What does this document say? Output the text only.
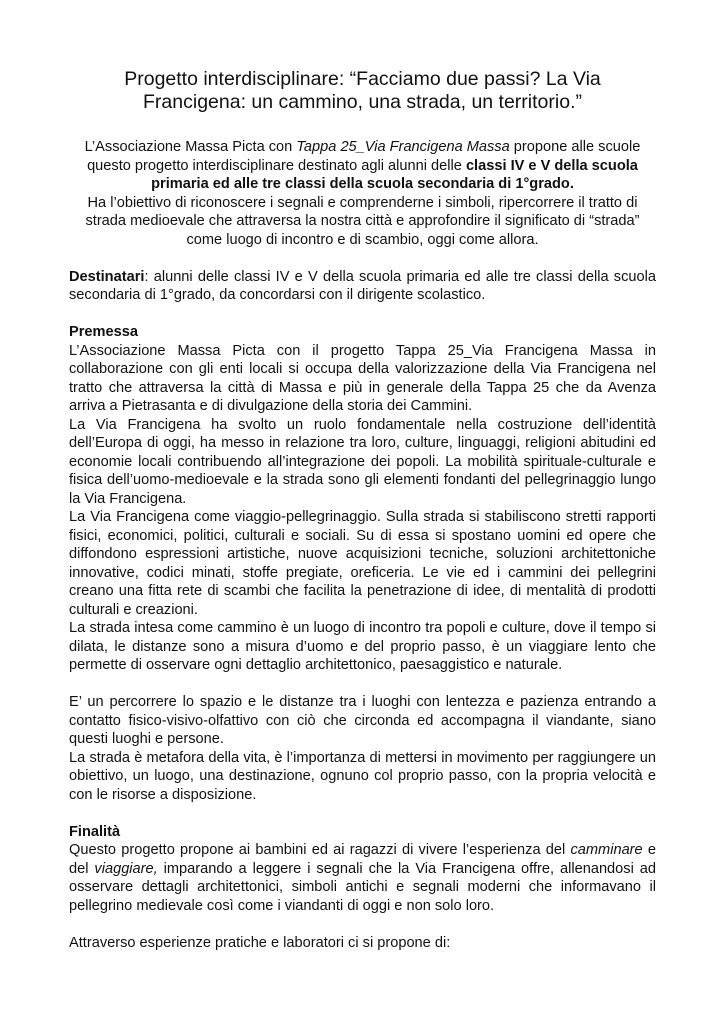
Progetto interdisciplinare: “Facciamo due passi? La Via
Francigena: un cammino, una strada, un territorio.”
L’Associazione Massa Picta con Tappa 25_Via Francigena Massa propone alle scuole questo progetto interdisciplinare destinato agli alunni delle classi IV e V della scuola primaria ed alle tre classi della scuola secondaria di 1°grado.
Ha l’obiettivo di riconoscere i segnali e comprenderne i simboli, ripercorrere il tratto di strada medioevale che attraversa la nostra città e approfondire il significato di “strada” come luogo di incontro e di scambio, oggi come allora.

Destinatari: alunni delle classi IV e V della scuola primaria ed alle tre classi della scuola secondaria di 1°grado, da concordarsi con il dirigente scolastico.

Premessa

L’Associazione Massa Picta con il progetto Tappa 25_Via Francigena Massa in collaborazione con gli enti locali si occupa della valorizzazione della Via Francigena nel tratto che attraversa la città di Massa e più in generale della Tappa 25 che da Avenza arriva a Pietrasanta e di divulgazione della storia dei Cammini.

La Via Francigena ha svolto un ruolo fondamentale nella costruzione dell’identità dell’Europa di oggi, ha messo in relazione tra loro, culture, linguaggi, religioni abitudini ed economie locali contribuendo all’integrazione dei popoli. La mobilità spirituale-culturale e fisica dell’uomo-medioevale e la strada sono gli elementi fondanti del pellegrinaggio lungo la Via Francigena.

La Via Francigena come viaggio-pellegrinaggio. Sulla strada si stabiliscono stretti rapporti fisici, economici, politici, culturali e sociali. Su di essa si spostano uomini ed opere che diffondono espressioni artistiche, nuove acquisizioni tecniche, soluzioni architettoniche innovative, codici minati, stoffe pregiate, oreficeria. Le vie ed i cammini dei pellegrini creano una fitta rete di scambi che facilita la penetrazione di idee, di mentalità di prodotti culturali e creazioni.

La strada intesa come cammino è un luogo di incontro tra popoli e culture, dove il tempo si dilata, le distanze sono a misura d’uomo e del proprio passo, è un viaggiare lento che permette di osservare ogni dettaglio architettonico, paesaggistico e naturale.

E’ un percorrere lo spazio e le distanze tra i luoghi con lentezza e pazienza entrando a contatto fisico-visivo-olfattivo con ciò che circonda ed accompagna il viandante, siano questi luoghi e persone.

La strada è metafora della vita, è l’importanza di mettersi in movimento per raggiungere un obiettivo, un luogo, una destinazione, ognuno col proprio passo, con la propria velocità e con le risorse a disposizione.

Finalità

Questo progetto propone ai bambini ed ai ragazzi di vivere l’esperienza del camminare e del viaggiare, imparando a leggere i segnali che la Via Francigena offre, allenandosi ad osservare dettagli architettonici, simboli antichi e segnali moderni che informavano il pellegrino medievale così come i viandanti di oggi e non solo loro.

Attraverso esperienze pratiche e laboratori ci si propone di:
